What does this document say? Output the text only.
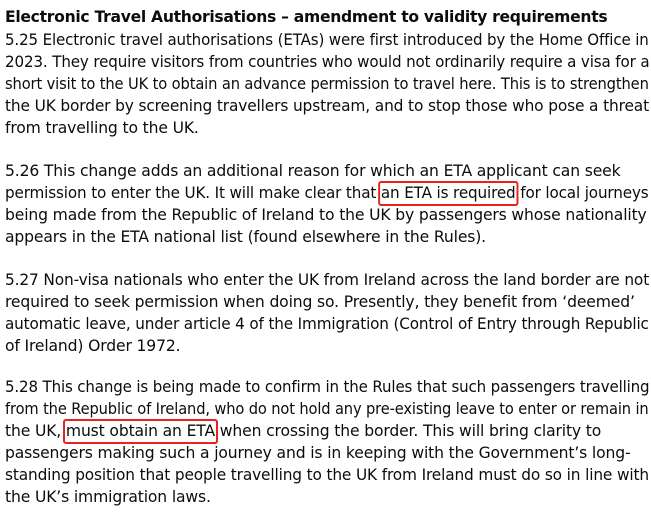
Electronic Travel Authorisations – amendment to validity requirements
5.25 Electronic travel authorisations (ETAs) were first introduced by the Home Office in
2023. They require visitors from countries who would not ordinarily require a visa for a
short visit to the UK to obtain an advance permission to travel here. This is to strengthen
the UK border by screening travellers upstream, and to stop those who pose a threat
from travelling to the UK.
5.26 This change adds an additional reason for which an ETA applicant can seek
permission to enter the UK. It will make clear that an ETA is required for local journeys
being made from the Republic of Ireland to the UK by passengers whose nationality
appears in the ETA national list (found elsewhere in the Rules).
5.27 Non-visa nationals who enter the UK from Ireland across the land border are not
required to seek permission when doing so. Presently, they benefit from ‘deemed’
automatic leave, under article 4 of the Immigration (Control of Entry through Republic
of Ireland) Order 1972.
5.28 This change is being made to confirm in the Rules that such passengers travelling
from the Republic of Ireland, who do not hold any pre-existing leave to enter or remain in
the UK, must obtain an ETA when crossing the border. This will bring clarity to
passengers making such a journey and is in keeping with the Government’s long-
standing position that people travelling to the UK from Ireland must do so in line with
the UK’s immigration laws.
